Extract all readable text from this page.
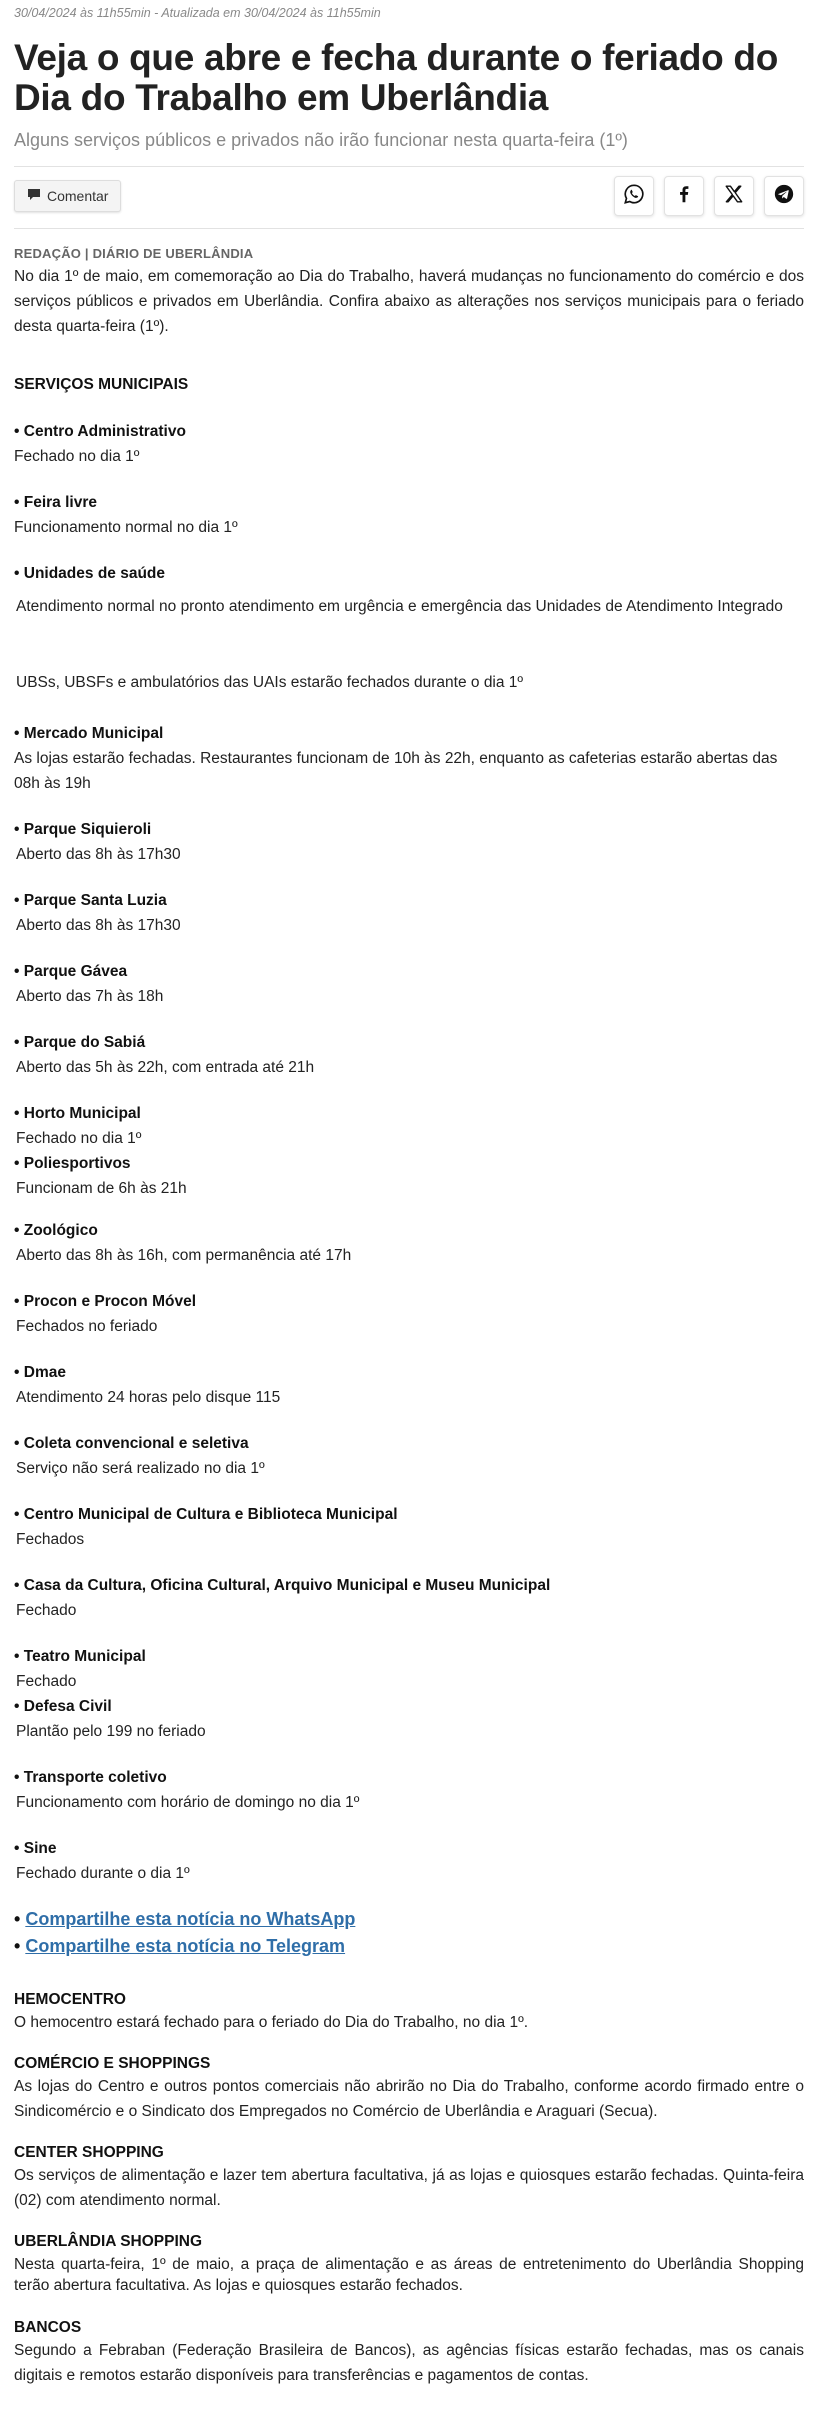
30/04/2024 às 11h55min - Atualizada em 30/04/2024 às 11h55min
Veja o que abre e fecha durante o feriado do Dia do Trabalho em Uberlândia
Alguns serviços públicos e privados não irão funcionar nesta quarta-feira (1º)
Comentar
REDAÇÃO | DIÁRIO DE UBERLÂNDIA

No dia 1º de maio, em comemoração ao Dia do Trabalho, haverá mudanças no funcionamento do comércio e dos serviços públicos e privados em Uberlândia. Confira abaixo as alterações nos serviços municipais para o feriado desta quarta-feira (1º).

SERVIÇOS MUNICIPAIS
• Centro Administrativo
Fechado no dia 1º
• Feira livre
Funcionamento normal no dia 1º
• Unidades de saúde
Atendimento normal no pronto atendimento em urgência e emergência das Unidades de Atendimento Integrado
UBSs, UBSFs e ambulatórios das UAIs estarão fechados durante o dia 1º
• Mercado Municipal
As lojas estarão fechadas. Restaurantes funcionam de 10h às 22h, enquanto as cafeterias estarão abertas das 08h às 19h
• Parque Siquieroli
Aberto das 8h às 17h30
• Parque Santa Luzia
Aberto das 8h às 17h30
• Parque Gávea
Aberto das 7h às 18h
• Parque do Sabiá
Aberto das 5h às 22h, com entrada até 21h
• Horto Municipal
Fechado no dia 1º
• Poliesportivos
Funcionam de 6h às 21h
• Zoológico
Aberto das 8h às 16h, com permanência até 17h
• Procon e Procon Móvel
Fechados no feriado
• Dmae
Atendimento 24 horas pelo disque 115
• Coleta convencional e seletiva
Serviço não será realizado no dia 1º
• Centro Municipal de Cultura e Biblioteca Municipal
Fechados
• Casa da Cultura, Oficina Cultural, Arquivo Municipal e Museu Municipal
Fechado
• Teatro Municipal
Fechado
• Defesa Civil
Plantão pelo 199 no feriado
• Transporte coletivo
Funcionamento com horário de domingo no dia 1º
• Sine
Fechado durante o dia 1º
• Compartilhe esta notícia no WhatsApp
• Compartilhe esta notícia no Telegram
HEMOCENTRO

O hemocentro estará fechado para o feriado do Dia do Trabalho, no dia 1º.

COMÉRCIO E SHOPPINGS

As lojas do Centro e outros pontos comerciais não abrirão no Dia do Trabalho, conforme acordo firmado entre o Sindicomércio e o Sindicato dos Empregados no Comércio de Uberlândia e Araguari (Secua).

CENTER SHOPPING

Os serviços de alimentação e lazer tem abertura facultativa, já as lojas e quiosques estarão fechadas. Quinta-feira (02) com atendimento normal.

UBERLÂNDIA SHOPPING

Nesta quarta-feira, 1º de maio, a praça de alimentação e as áreas de entretenimento do Uberlândia Shopping terão abertura facultativa. As lojas e quiosques estarão fechados.

BANCOS

Segundo a Febraban (Federação Brasileira de Bancos), as agências físicas estarão fechadas, mas os canais digitais e remotos estarão disponíveis para transferências e pagamentos de contas.
